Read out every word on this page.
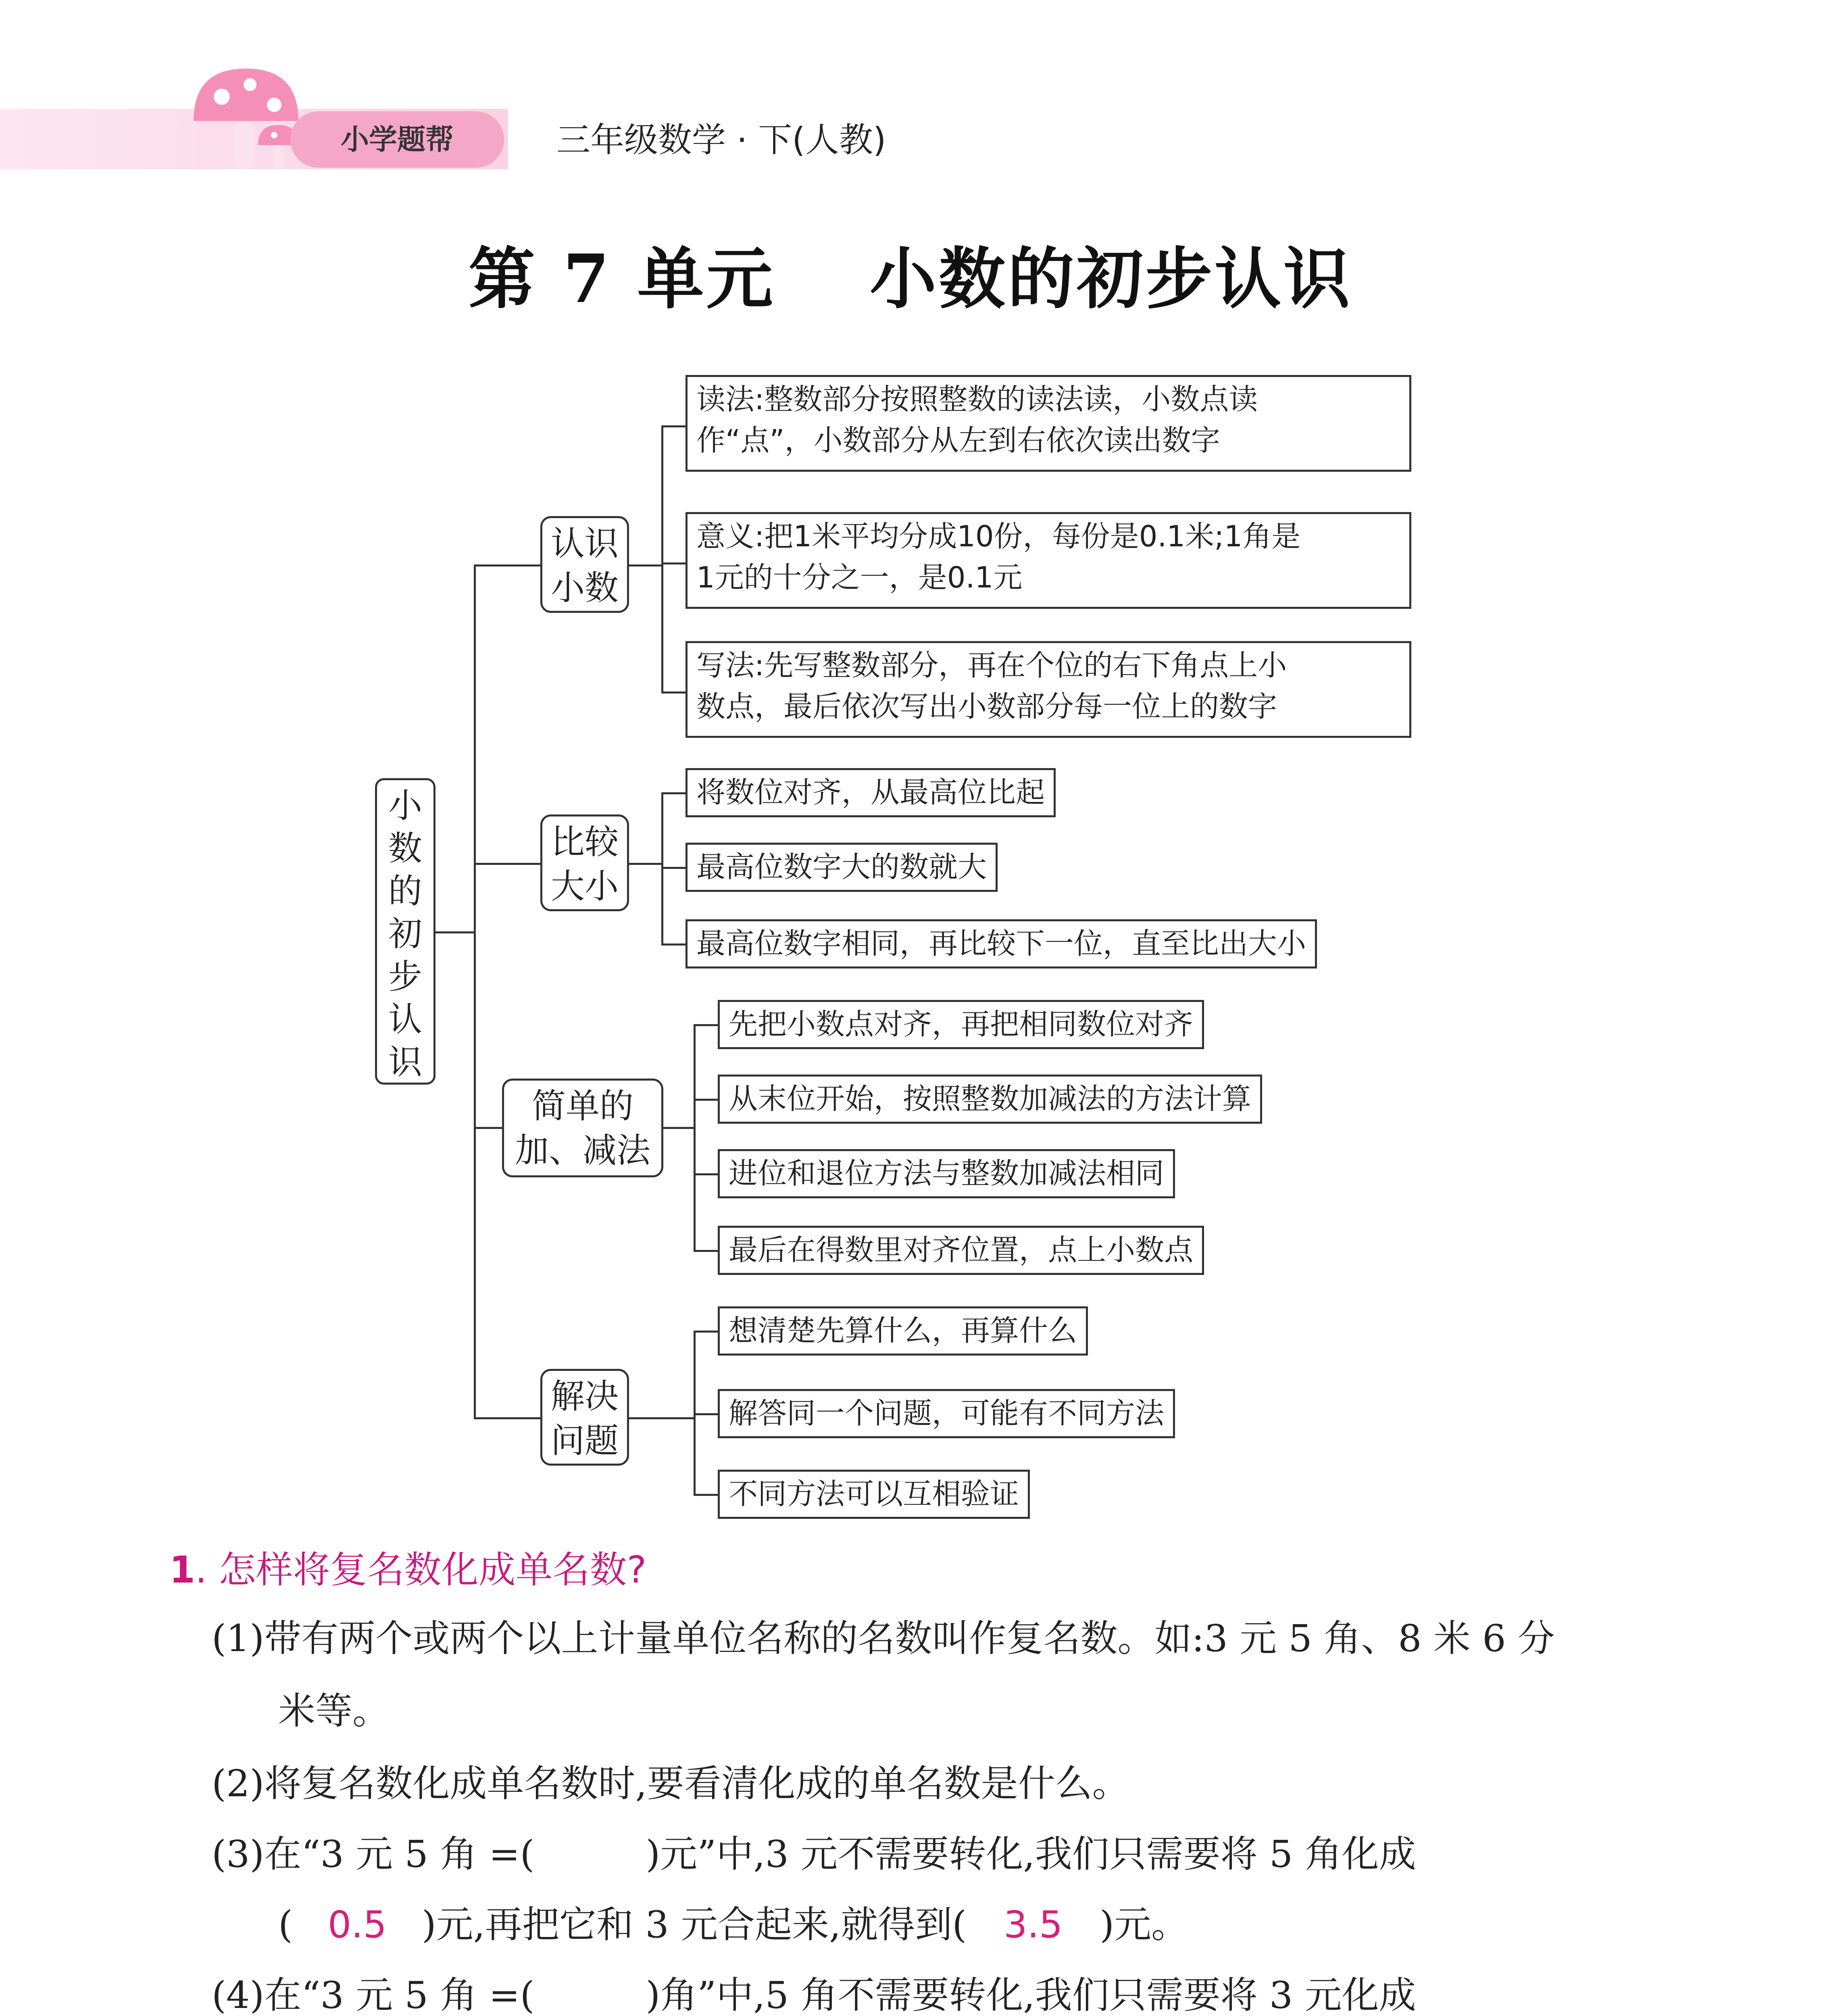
小学题帮	三年级数学 · 下(人教)
第 7 单元　 小数的初步认识
小
数
的
初
步
认
识
认识
小数
读法:整数部分按照整数的读法读，小数点读
作“点”，小数部分从左到右依次读出数字
意义:把1米平均分成10份，每份是0.1米;1角是
1元的十分之一，是0.1元
写法:先写整数部分，再在个位的右下角点上小
数点，最后依次写出小数部分每一位上的数字
比较
大小
将数位对齐，从最高位比起
最高位数字大的数就大
最高位数字相同，再比较下一位，直至比出大小
简单的
加、减法
先把小数点对齐，再把相同数位对齐
从末位开始，按照整数加减法的方法计算
进位和退位方法与整数加减法相同
最后在得数里对齐位置，点上小数点
解决
问题
想清楚先算什么，再算什么
解答同一个问题，可能有不同方法
不同方法可以互相验证
1. 怎样将复名数化成单名数?
(1)带有两个或两个以上计量单位名称的名数叫作复名数。如:3 元 5 角、8 米 6 分
米等。
(2)将复名数化成单名数时,要看清化成的单名数是什么。
(3)在“3 元 5 角 =(　　　)元”中,3 元不需要转化,我们只需要将 5 角化成
( 0.5 )元,再把它和 3 元合起来,就得到( 3.5 )元。
(4)在“3 元 5 角 =(　　　)角”中,5 角不需要转化,我们只需要将 3 元化成
